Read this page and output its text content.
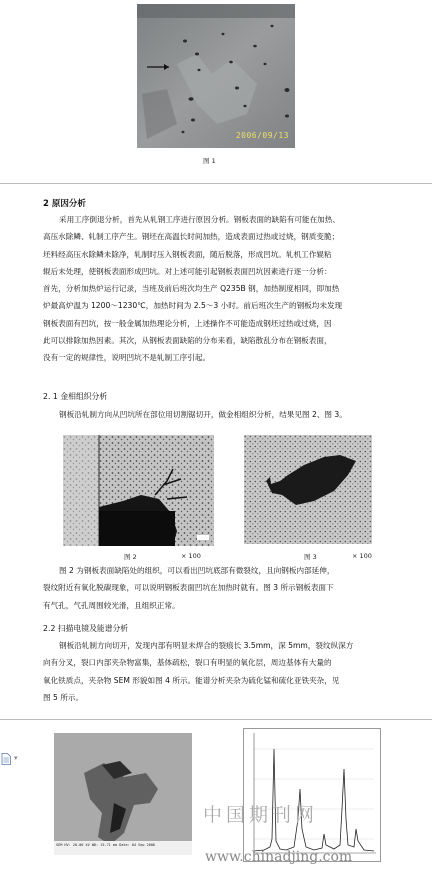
2006/09/13
图 1
2 原因分析
采用工序倒退分析，首先从轧钢工序进行原因分析。钢板表面的缺陷有可能在加热、
高压水除鳞、轧制工序产生。钢坯在高温长时间加热，造成表面过热或过烧，钢质变脆；
坯料经高压水除鳞未除净，轧制时压入钢板表面，随后脱落，形成凹坑。轧机工作辊粘
辊后未处理，使钢板表面形成凹坑。对上述可能引起钢板表面凹坑因素进行逐一分析：
首先，分析加热炉运行记录，当班及前后班次均生产 Q235B 钢，加热制度相同，即加热
炉最高炉温为 1200～1230℃，加热时间为 2.5～3 小时。前后班次生产的钢板均未发现
钢板表面有凹坑，按一般金属加热理论分析，上述操作不可能造成钢坯过热或过烧，因
此可以排除加热因素。其次，从钢板表面缺陷的分布来看，缺陷散乱分布在钢板表面，
没有一定的规律性，说明凹坑不是轧制工序引起。
2. 1 金相组织分析
钢板沿轧制方向从凹坑所在部位用切割锯切开，做金相组织分析，结果见图 2、图 3。
图 2	× 100	图 3	× 100
图 2 为钢板表面缺陷处的组织，可以看出凹坑底部有微裂纹，且向钢板内部延伸，
裂纹附近有氧化脱碳现象，可以说明钢板表面凹坑在加热时就有。图 3 所示钢板表面下
有气孔，气孔周围较光滑，且组织正常。
2.2 扫描电镜及能谱分析
钢板沿轧制方向切开，发现内部有明显未焊合的裂痕长 3.5mm，深 5mm，裂纹纵深方
向有分叉，裂口内部夹杂物富集，基体疏松，裂口有明显的氧化层，周边基体有大量的
氧化铁质点，夹杂物 SEM 形貌如图 4 所示。能谱分析夹杂为硫化锰和硫化亚铁夹杂，见
图 5 所示。
▾
SEM HV: 20.00 kV WD: 15.71 mm Date: 04 Sep 2006
中国期刊网
www.chinadjing.com
